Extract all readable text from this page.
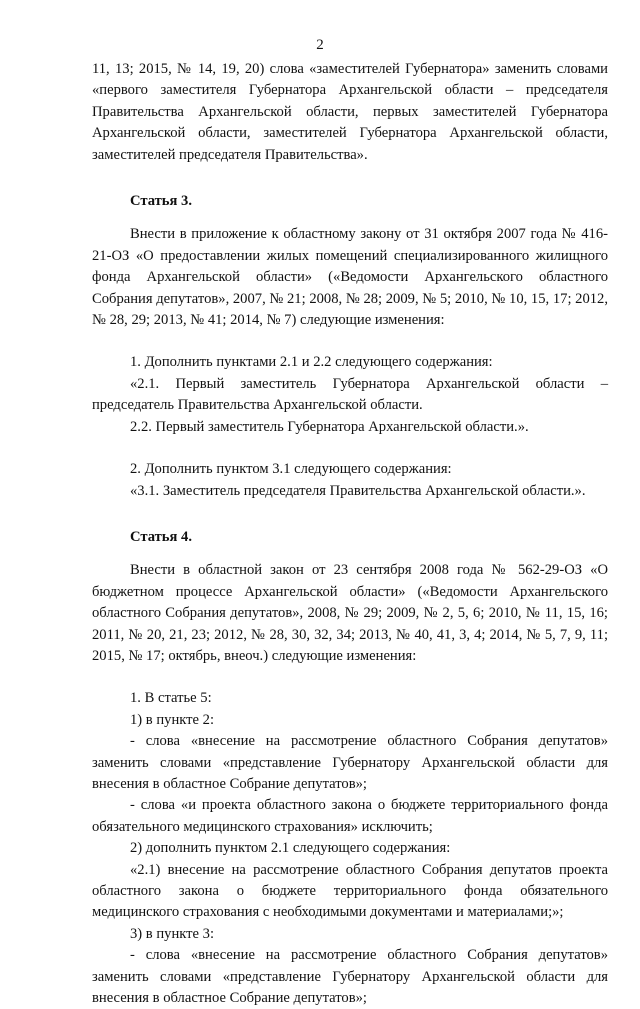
2

11, 13; 2015, № 14, 19, 20) слова «заместителей Губернатора» заменить словами «первого заместителя Губернатора Архангельской области – председателя Правительства Архангельской области, первых заместителей Губернатора Архангельской области, заместителей Губернатора Архангельской области, заместителей председателя Правительства».

Статья 3.

Внести в приложение к областному закону от 31 октября 2007 года № 416-21-ОЗ «О предоставлении жилых помещений специализированного жилищного фонда Архангельской области» («Ведомости Архангельского областного Собрания депутатов», 2007, № 21; 2008, № 28; 2009, № 5; 2010, № 10, 15, 17; 2012, № 28, 29; 2013, № 41; 2014, № 7) следующие изменения:

1. Дополнить пунктами 2.1 и 2.2 следующего содержания:

«2.1. Первый заместитель Губернатора Архангельской области – председатель Правительства Архангельской области.

2.2. Первый заместитель Губернатора Архангельской области.».

2. Дополнить пунктом 3.1 следующего содержания:

«3.1. Заместитель председателя Правительства Архангельской области.».

Статья 4.

Внести в областной закон от 23 сентября 2008 года № 562-29-ОЗ «О бюджетном процессе Архангельской области» («Ведомости Архангельского областного Собрания депутатов», 2008, № 29; 2009, № 2, 5, 6; 2010, № 11, 15, 16; 2011, № 20, 21, 23; 2012, № 28, 30, 32, 34; 2013, № 40, 41, 3, 4; 2014, № 5, 7, 9, 11; 2015, № 17; октябрь, внеоч.) следующие изменения:

1. В статье 5:

1) в пункте 2:

- слова «внесение на рассмотрение областного Собрания депутатов» заменить словами «представление Губернатору Архангельской области для внесения в областное Собрание депутатов»;

- слова «и проекта областного закона о бюджете территориального фонда обязательного медицинского страхования» исключить;

2) дополнить пунктом 2.1 следующего содержания:

«2.1) внесение на рассмотрение областного Собрания депутатов проекта областного закона о бюджете территориального фонда обязательного медицинского страхования с необходимыми документами и материалами;»;

3) в пункте 3:

- слова «внесение на рассмотрение областного Собрания депутатов» заменить словами «представление Губернатору Архангельской области для внесения в областное Собрание депутатов»;
